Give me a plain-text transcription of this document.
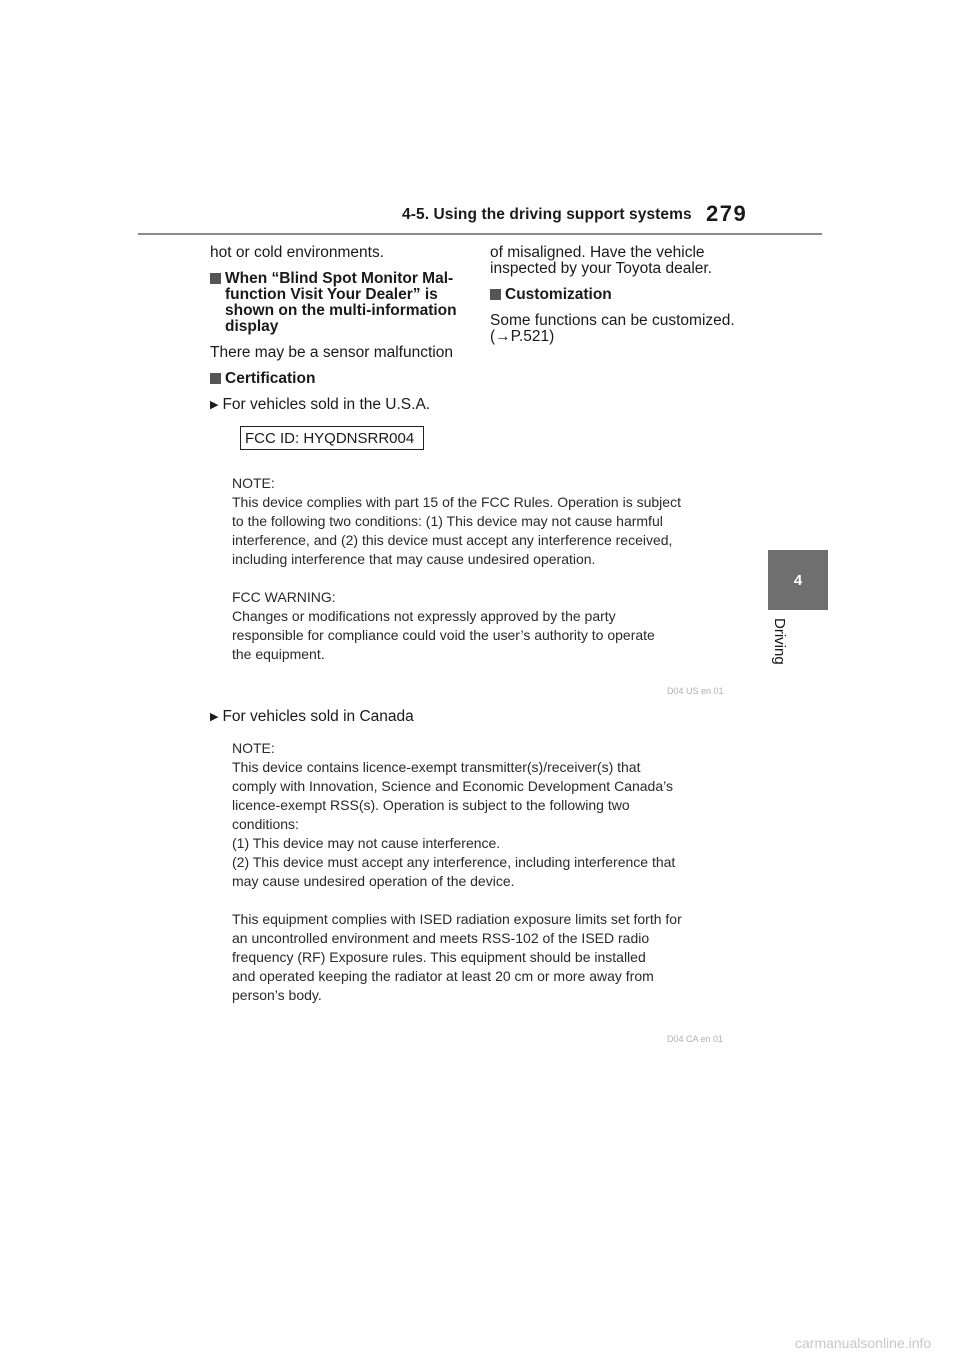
4-5. Using the driving support systems 279
4
Driving

hot or cold environments.

When “Blind Spot Monitor Mal-

function Visit Your Dealer” is

shown on the multi-information

display

There may be a sensor malfunction

Certification

▶ For vehicles sold in the U.S.A.

of misaligned. Have the vehicle

inspected by your Toyota dealer.

Customization

Some functions can be customized.

(→P.521)

FCC ID: HYQDNSRR004
NOTE:
This device complies with part 15 of the FCC Rules. Operation is subject
to the following two conditions: (1) This device may not cause harmful
interference, and (2) this device must accept any interference received,
including interference that may cause undesired operation.
FCC WARNING:
Changes or modifications not expressly approved by the party
responsible for compliance could void the user’s authority to operate
the equipment.
D04 US en 01
▶ For vehicles sold in Canada
NOTE:
This device contains licence-exempt transmitter(s)/receiver(s) that
comply with Innovation, Science and Economic Development Canada’s
licence-exempt RSS(s). Operation is subject to the following two
conditions:
(1) This device may not cause interference.
(2) This device must accept any interference, including interference that
may cause undesired operation of the device.
This equipment complies with ISED radiation exposure limits set forth for
an uncontrolled environment and meets RSS-102 of the ISED radio
frequency (RF) Exposure rules. This equipment should be installed
and operated keeping the radiator at least 20 cm or more away from
person’s body.
D04 CA en 01
carmanualsonline.info
